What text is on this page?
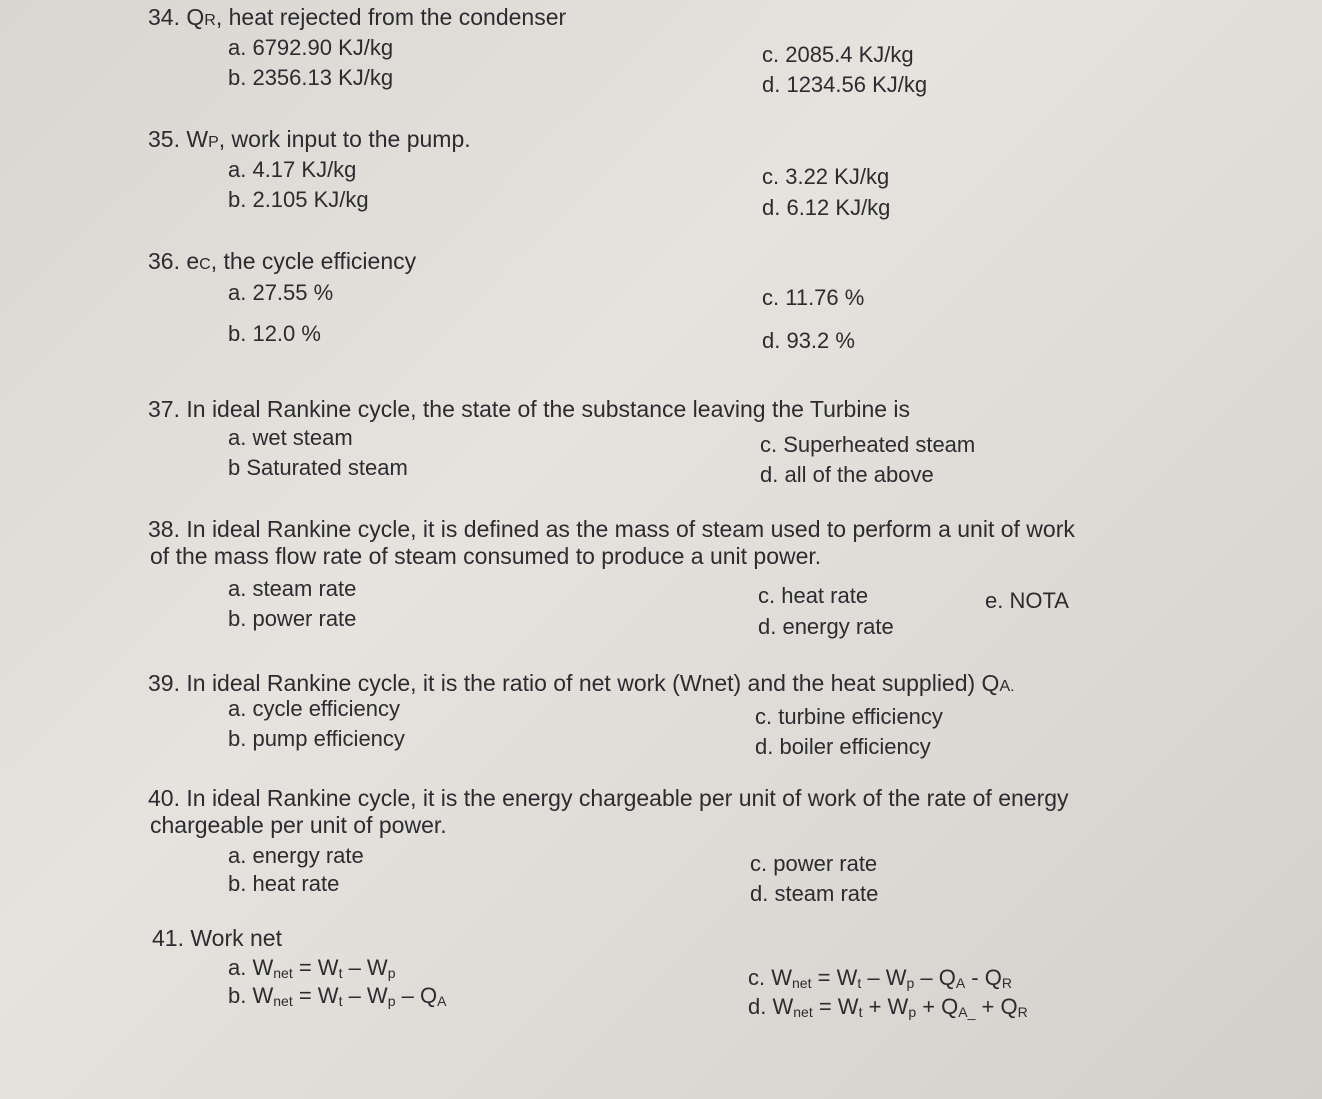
34. QR, heat rejected from the condenser
a. 6792.90 KJ/kg
b. 2356.13 KJ/kg
c. 2085.4 KJ/kg
d. 1234.56 KJ/kg
35. WP, work input to the pump.
a. 4.17 KJ/kg
b. 2.105 KJ/kg
c. 3.22 KJ/kg
d. 6.12 KJ/kg
36. eC, the cycle efficiency
a. 27.55 %
b. 12.0 %
c. 11.76 %
d. 93.2 %
37. In ideal Rankine cycle, the state of the substance leaving the Turbine is
a. wet steam
b Saturated steam
c. Superheated steam
d. all of the above
38. In ideal Rankine cycle, it is defined as the mass of steam used to perform a unit of work
of the mass flow rate of steam consumed to produce a unit power.
a. steam rate
b. power rate
c. heat rate
d. energy rate
e. NOTA
39. In ideal Rankine cycle, it is the ratio of net work (Wnet) and the heat supplied) QA.
a. cycle efficiency
b. pump efficiency
c. turbine efficiency
d. boiler efficiency
40. In ideal Rankine cycle, it is the energy chargeable per unit of work of the rate of energy
chargeable per unit of power.
a. energy rate
b. heat rate
c. power rate
d. steam rate
41. Work net
a. $W_{net} = W_t - W_p$
b. $W_{net} = W_t - W_p - Q_A$
c. $W_{net} = W_t - W_p - Q_A - Q_R$
d. $W_{net} = W_t + W_p + Q_{A\_} + Q_R$
